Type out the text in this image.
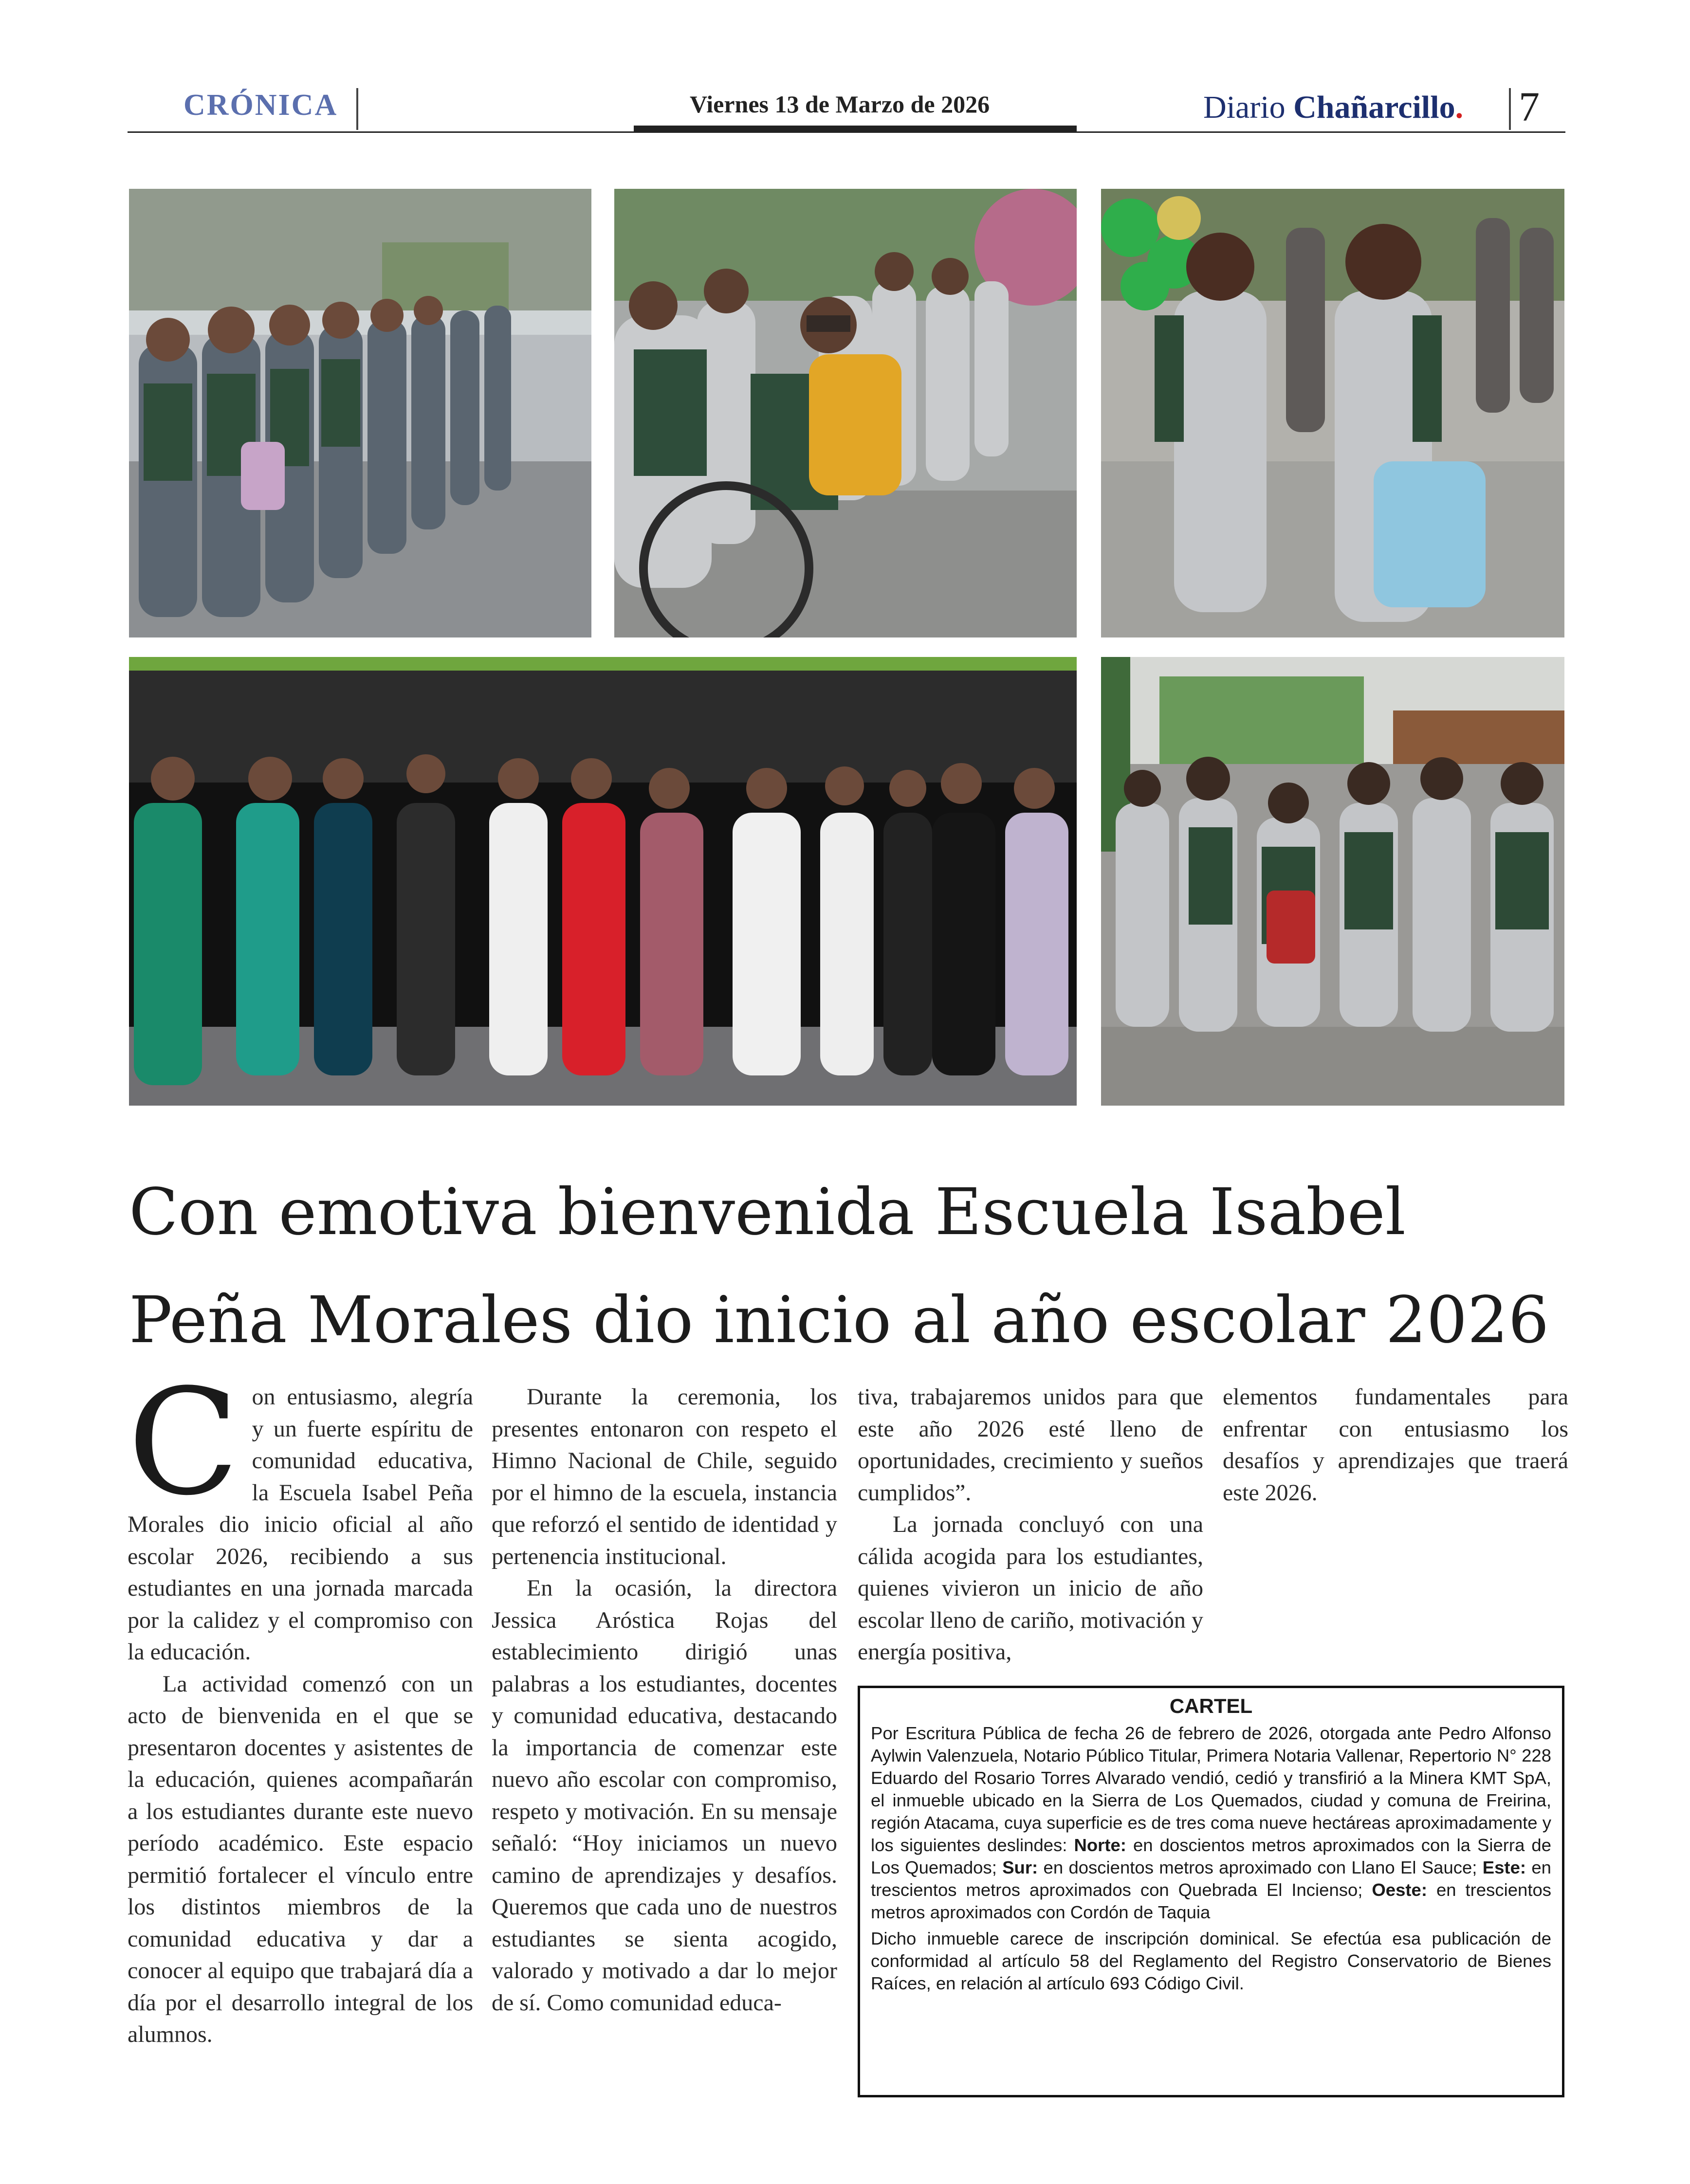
CRÓNICA	Viernes 13 de Marzo de 2026	Diario Chañarcillo. 7
Con emotiva bienvenida Escuela Isabel Peña Morales dio inicio al año escolar 2026

Con entusiasmo, alegría y un fuerte espíritu de comunidad educativa, la Escuela Isabel Peña Morales dio inicio oficial al año escolar 2026, recibiendo a sus estudiantes en una jornada marcada por la calidez y el compromiso con la educación.

La actividad comenzó con un acto de bienvenida en el que se presentaron docentes y asistentes de la educación, quienes acompañarán a los estudiantes durante este nuevo período académico. Este espacio permitió fortalecer el vínculo entre los distintos miembros de la comunidad educativa y dar a conocer al equipo que trabajará día a día por el desarrollo integral de los alumnos.

Durante la ceremonia, los presentes entonaron con respeto el Himno Nacional de Chile, seguido por el himno de la escuela, instancia que reforzó el sentido de identidad y pertenencia institucional.

En la ocasión, la directora Jessica Aróstica Rojas del establecimiento dirigió unas palabras a los estudiantes, docentes y comunidad educativa, destacando la importancia de comenzar este nuevo año escolar con compromiso, respeto y motivación. En su mensaje señaló: “Hoy iniciamos un nuevo camino de aprendizajes y desafíos. Queremos que cada uno de nuestros estudiantes se sienta acogido, valorado y motivado a dar lo mejor de sí. Como comunidad educa-

tiva, trabajaremos unidos para que este año 2026 esté lleno de oportunidades, crecimiento y sueños cumplidos”.

La jornada concluyó con una cálida acogida para los estudiantes, quienes vivieron un inicio de año escolar lleno de cariño, motivación y energía positiva,

elementos fundamentales para enfrentar con entusiasmo los desafíos y aprendizajes que traerá este 2026.

CARTEL

Por Escritura Pública de fecha 26 de febrero de 2026, otorgada ante Pedro Alfonso Aylwin Valenzuela, Notario Público Titular, Primera Notaria Vallenar, Repertorio N° 228 Eduardo del Rosario Torres Alvarado vendió, cedió y transfirió a la Minera KMT SpA, el inmueble ubicado en la Sierra de Los Quemados, ciudad y comuna de Freirina, región Atacama, cuya superficie es de tres coma nueve hectáreas aproximadamente y los siguientes deslindes: Norte: en doscientos metros aproximados con la Sierra de Los Quemados; Sur: en doscientos metros aproximado con Llano El Sauce; Este: en trescientos metros aproximados con Quebrada El Incienso; Oeste: en trescientos metros aproximados con Cordón de Taquia

Dicho inmueble carece de inscripción dominical. Se efectúa esa publicación de conformidad al artículo 58 del Reglamento del Registro Conservatorio de Bienes Raíces, en relación al artículo 693 Código Civil.
